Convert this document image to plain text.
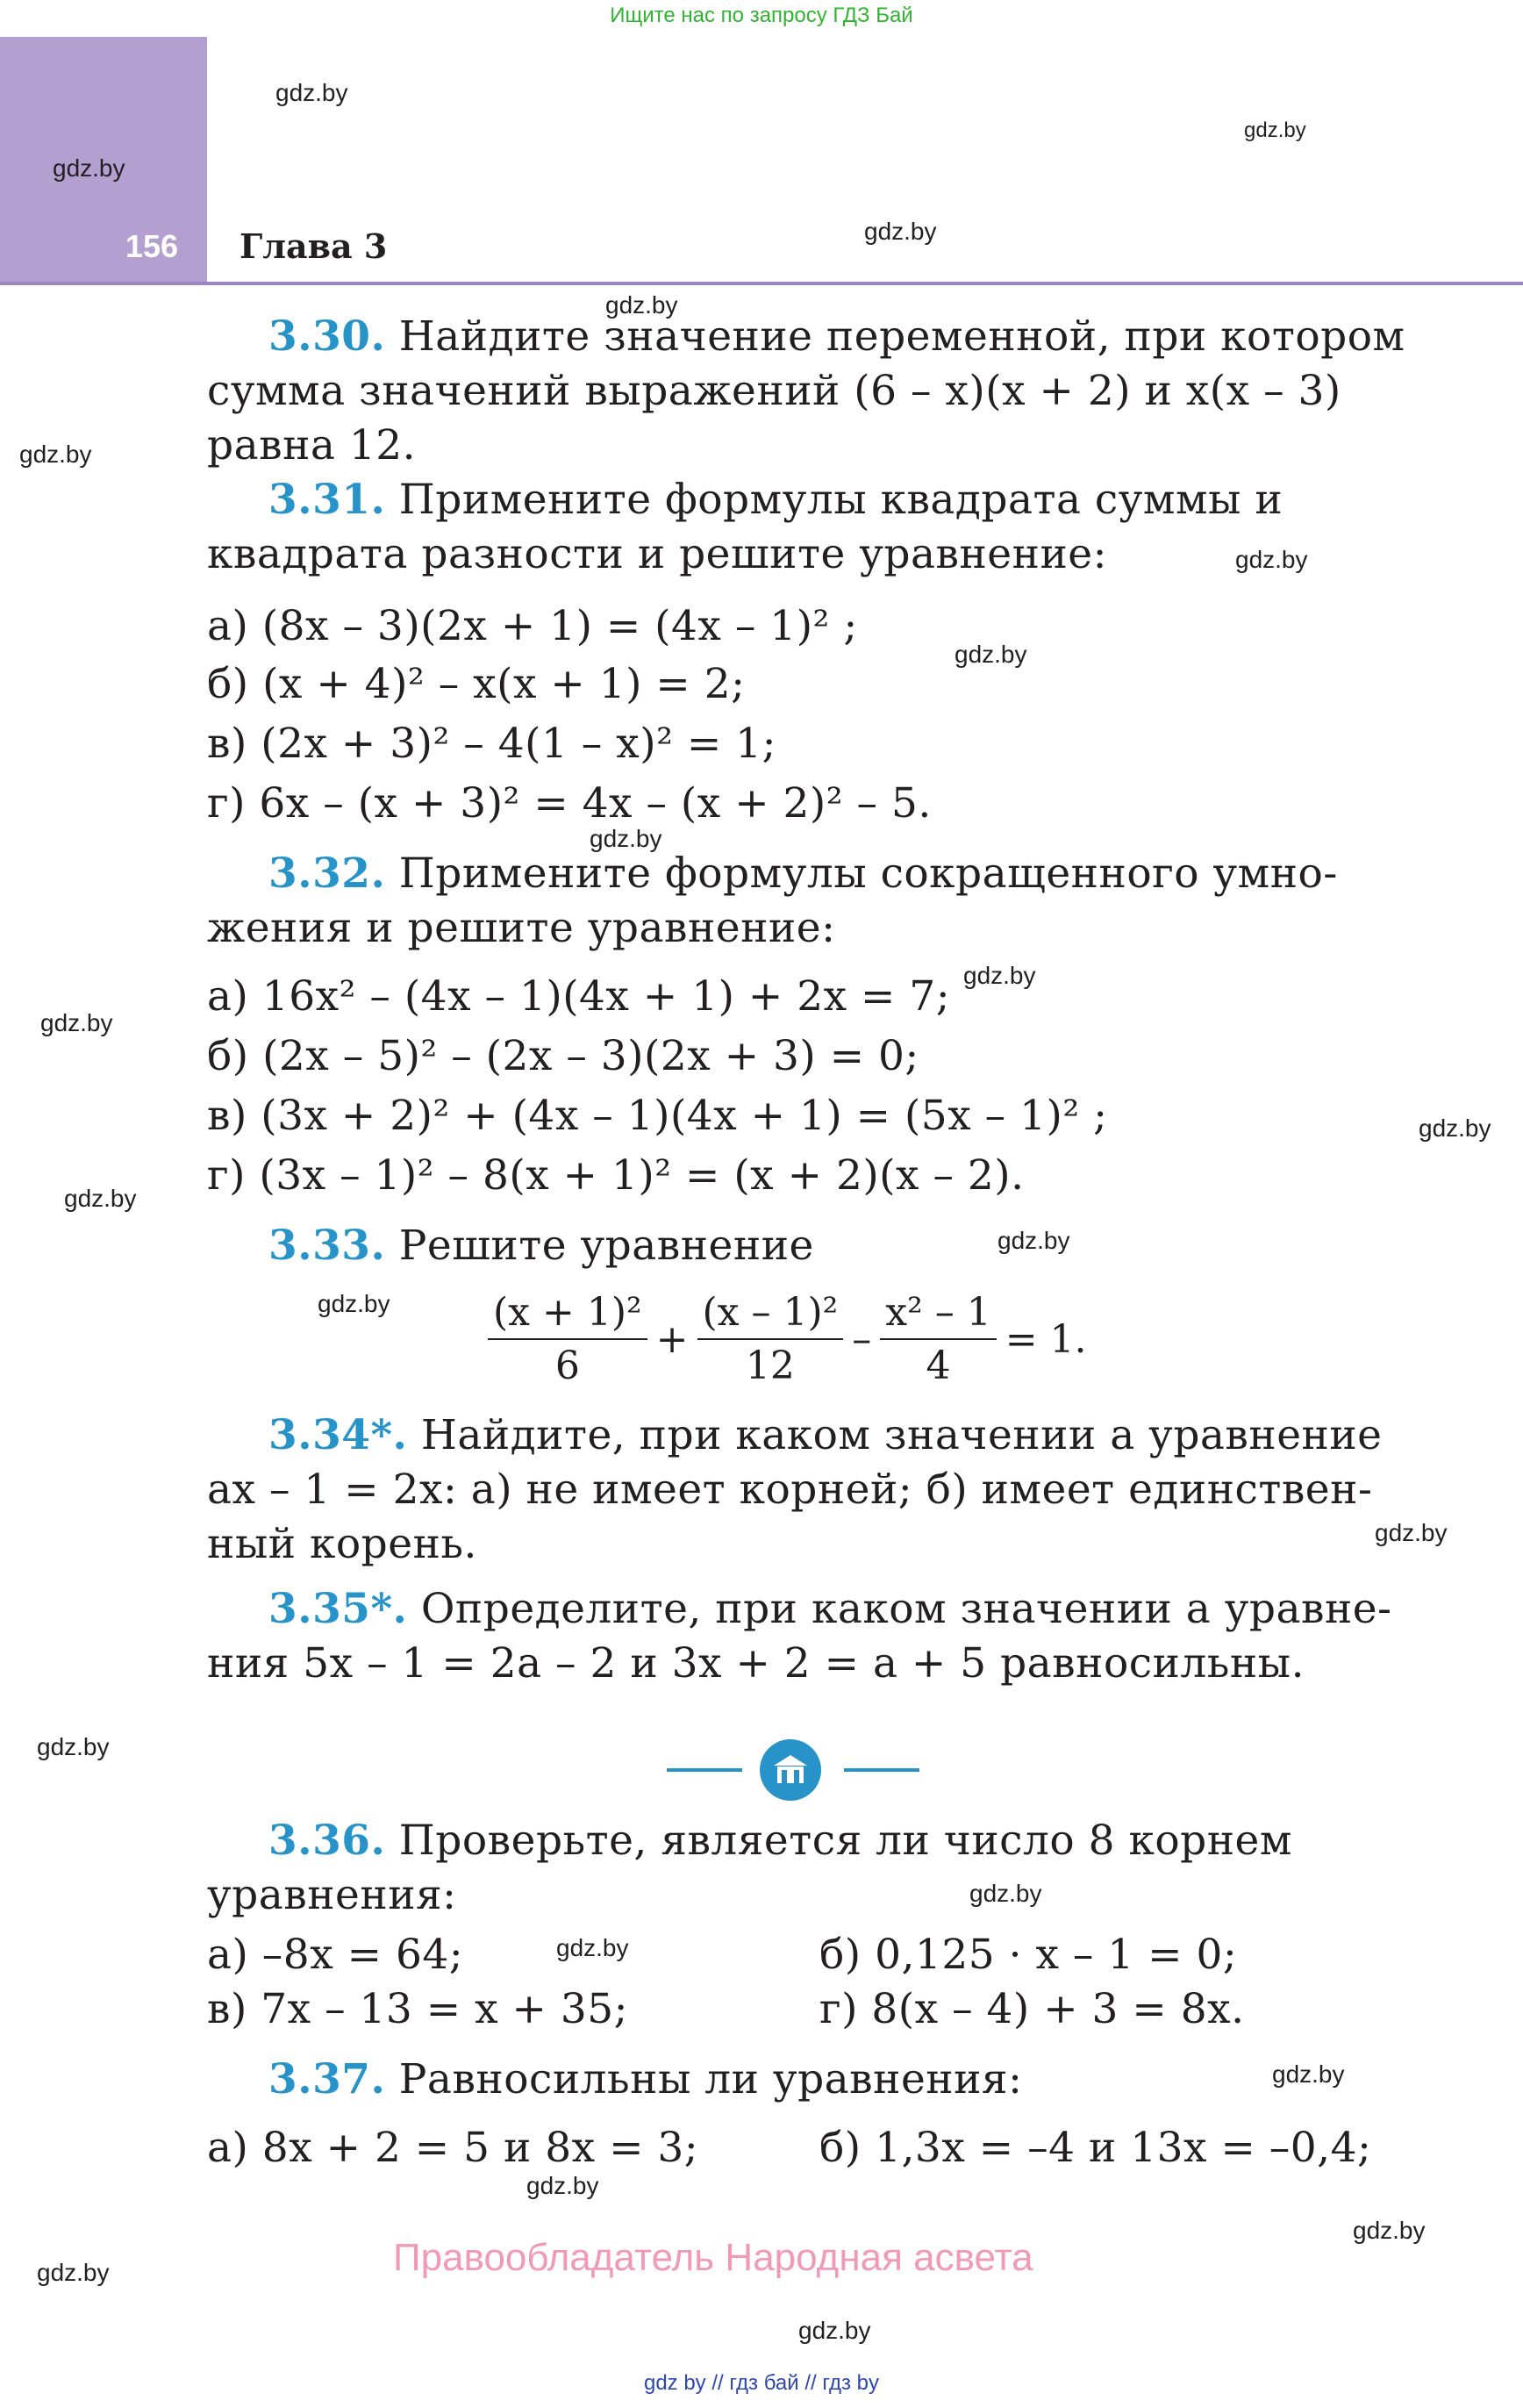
Ищите нас по запросу ГДЗ Бай
156 Глава 3
gdz.by
gdz.by
gdz.by
gdz.by
gdz.by
gdz.by
gdz.by
gdz.by
gdz.by
gdz.by
gdz.by
gdz.by
gdz.by
gdz.by
gdz.by
gdz.by
gdz.by
gdz.by
gdz.by
gdz.by
gdz.by
gdz.by
gdz.by
gdz.by
3.30. Найдите значение переменной, при котором
сумма значений выражений (6 – x)(x + 2) и x(x – 3)
равна 12.
3.31. Примените формулы квадрата суммы и
квадрата разности и решите уравнение:
а) (8x – 3)(2x + 1) = (4x – 1)² ;
б) (x + 4)² – x(x + 1) = 2;
в) (2x + 3)² – 4(1 – x)² = 1;
г) 6x – (x + 3)² = 4x – (x + 2)² – 5.
3.32. Примените формулы сокращенного умно-
жения и решите уравнение:
а) 16x² – (4x – 1)(4x + 1) + 2x = 7;
б) (2x – 5)² – (2x – 3)(2x + 3) = 0;
в) (3x + 2)² + (4x – 1)(4x + 1) = (5x – 1)² ;
г) (3x – 1)² – 8(x + 1)² = (x + 2)(x – 2).
3.33. Решите уравнение
$\frac{\text{(x + 1)²}}{6} + \frac{\text{(x – 1)²}}{12} - \frac{\text{x² – 1}}{4} = 1$.
3.34*. Найдите, при каком значении a уравнение
ax – 1 = 2x: а) не имеет корней; б) имеет единствен-
ный корень.
3.35*. Определите, при каком значении a уравне-
ния 5x – 1 = 2a – 2 и 3x + 2 = a + 5 равносильны.
3.36. Проверьте, является ли число 8 корнем
уравнения:
а) –8x = 64;	б) 0,125 · x – 1 = 0;
в) 7x – 13 = x + 35;	г) 8(x – 4) + 3 = 8x.
3.37. Равносильны ли уравнения:
а) 8x + 2 = 5 и 8x = 3;	б) 1,3x = –4 и 13x = –0,4;
Правообладатель Народная асвета
gdz by // гдз бай // гдз by
